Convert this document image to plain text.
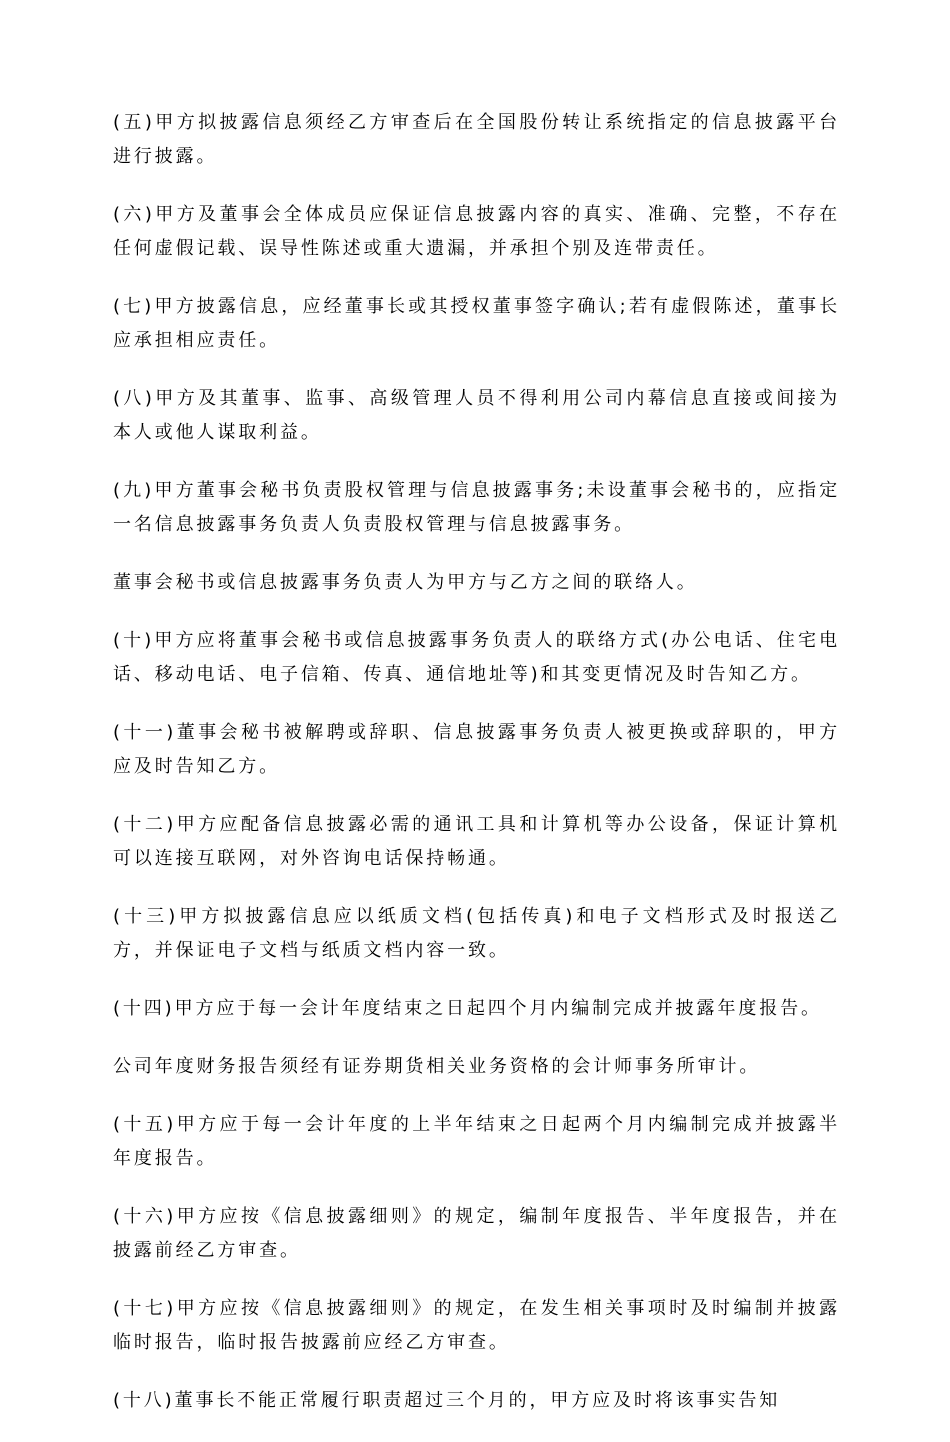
(五)甲方拟披露信息须经乙方审查后在全国股份转让系统指定的信息披露平台进行披露。

(六)甲方及董事会全体成员应保证信息披露内容的真实、准确、完整，不存在任何虚假记载、误导性陈述或重大遗漏，并承担个别及连带责任。

(七)甲方披露信息，应经董事长或其授权董事签字确认;若有虚假陈述，董事长应承担相应责任。

(八)甲方及其董事、监事、高级管理人员不得利用公司内幕信息直接或间接为本人或他人谋取利益。

(九)甲方董事会秘书负责股权管理与信息披露事务;未设董事会秘书的，应指定一名信息披露事务负责人负责股权管理与信息披露事务。

董事会秘书或信息披露事务负责人为甲方与乙方之间的联络人。

(十)甲方应将董事会秘书或信息披露事务负责人的联络方式(办公电话、住宅电话、移动电话、电子信箱、传真、通信地址等)和其变更情况及时告知乙方。

(十一)董事会秘书被解聘或辞职、信息披露事务负责人被更换或辞职的，甲方应及时告知乙方。

(十二)甲方应配备信息披露必需的通讯工具和计算机等办公设备，保证计算机可以连接互联网，对外咨询电话保持畅通。

(十三)甲方拟披露信息应以纸质文档(包括传真)和电子文档形式及时报送乙方，并保证电子文档与纸质文档内容一致。

(十四)甲方应于每一会计年度结束之日起四个月内编制完成并披露年度报告。

公司年度财务报告须经有证券期货相关业务资格的会计师事务所审计。

(十五)甲方应于每一会计年度的上半年结束之日起两个月内编制完成并披露半年度报告。

(十六)甲方应按《信息披露细则》的规定，编制年度报告、半年度报告，并在披露前经乙方审查。

(十七)甲方应按《信息披露细则》的规定，在发生相关事项时及时编制并披露临时报告，临时报告披露前应经乙方审查。

(十八)董事长不能正常履行职责超过三个月的，甲方应及时将该事实告知
